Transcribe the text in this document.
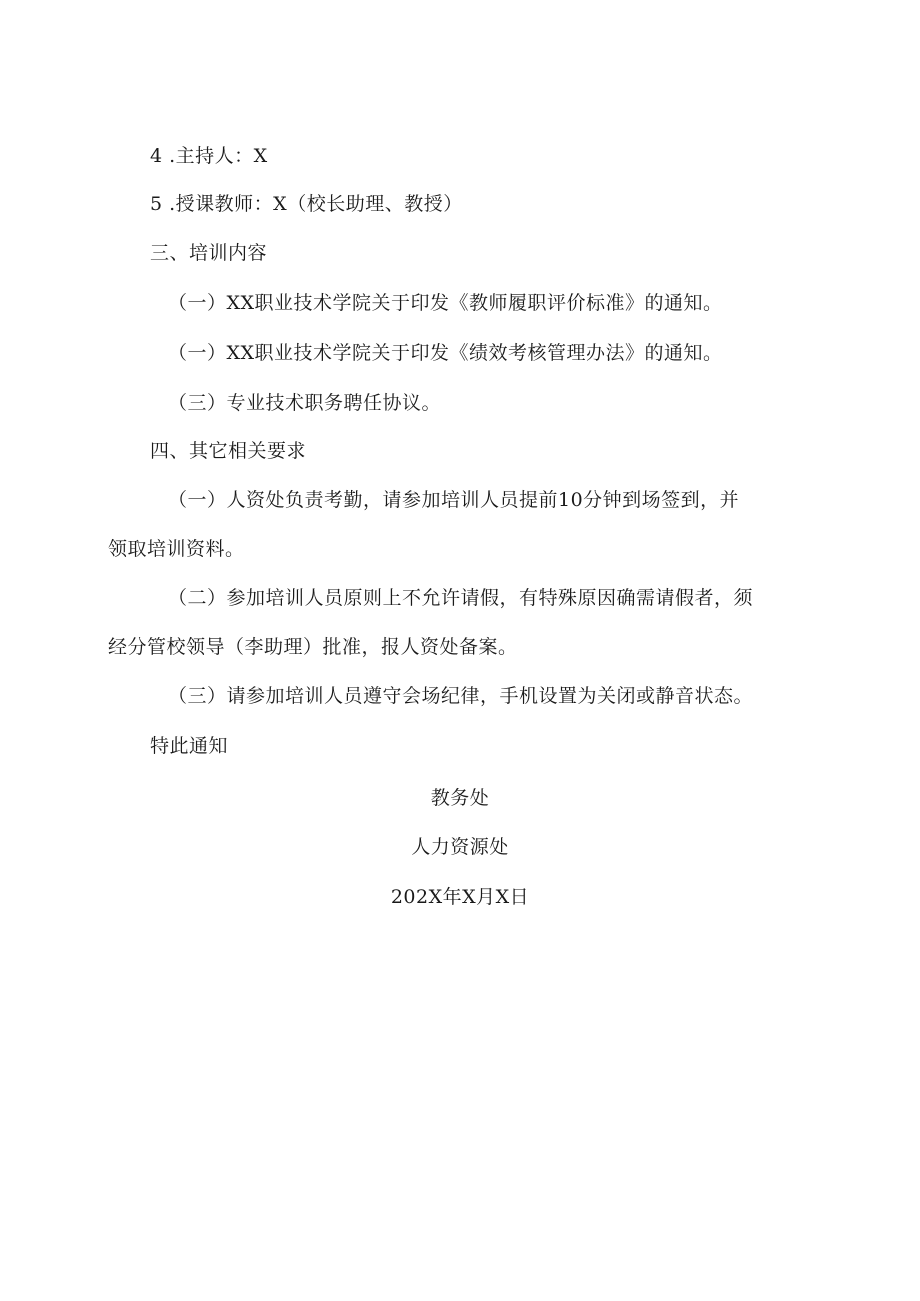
4 .主持人：X
5 .授课教师：X（校长助理、教授）
三、培训内容
（一）XX职业技术学院关于印发《教师履职评价标准》的通知。
（一）XX职业技术学院关于印发《绩效考核管理办法》的通知。
（三）专业技术职务聘任协议。
四、其它相关要求
（一）人资处负责考勤，请参加培训人员提前10分钟到场签到，并
领取培训资料。
（二）参加培训人员原则上不允许请假，有特殊原因确需请假者，须
经分管校领导（李助理）批准，报人资处备案。
（三）请参加培训人员遵守会场纪律，手机设置为关闭或静音状态。
特此通知
教务处
人力资源处
202X年X月X日
